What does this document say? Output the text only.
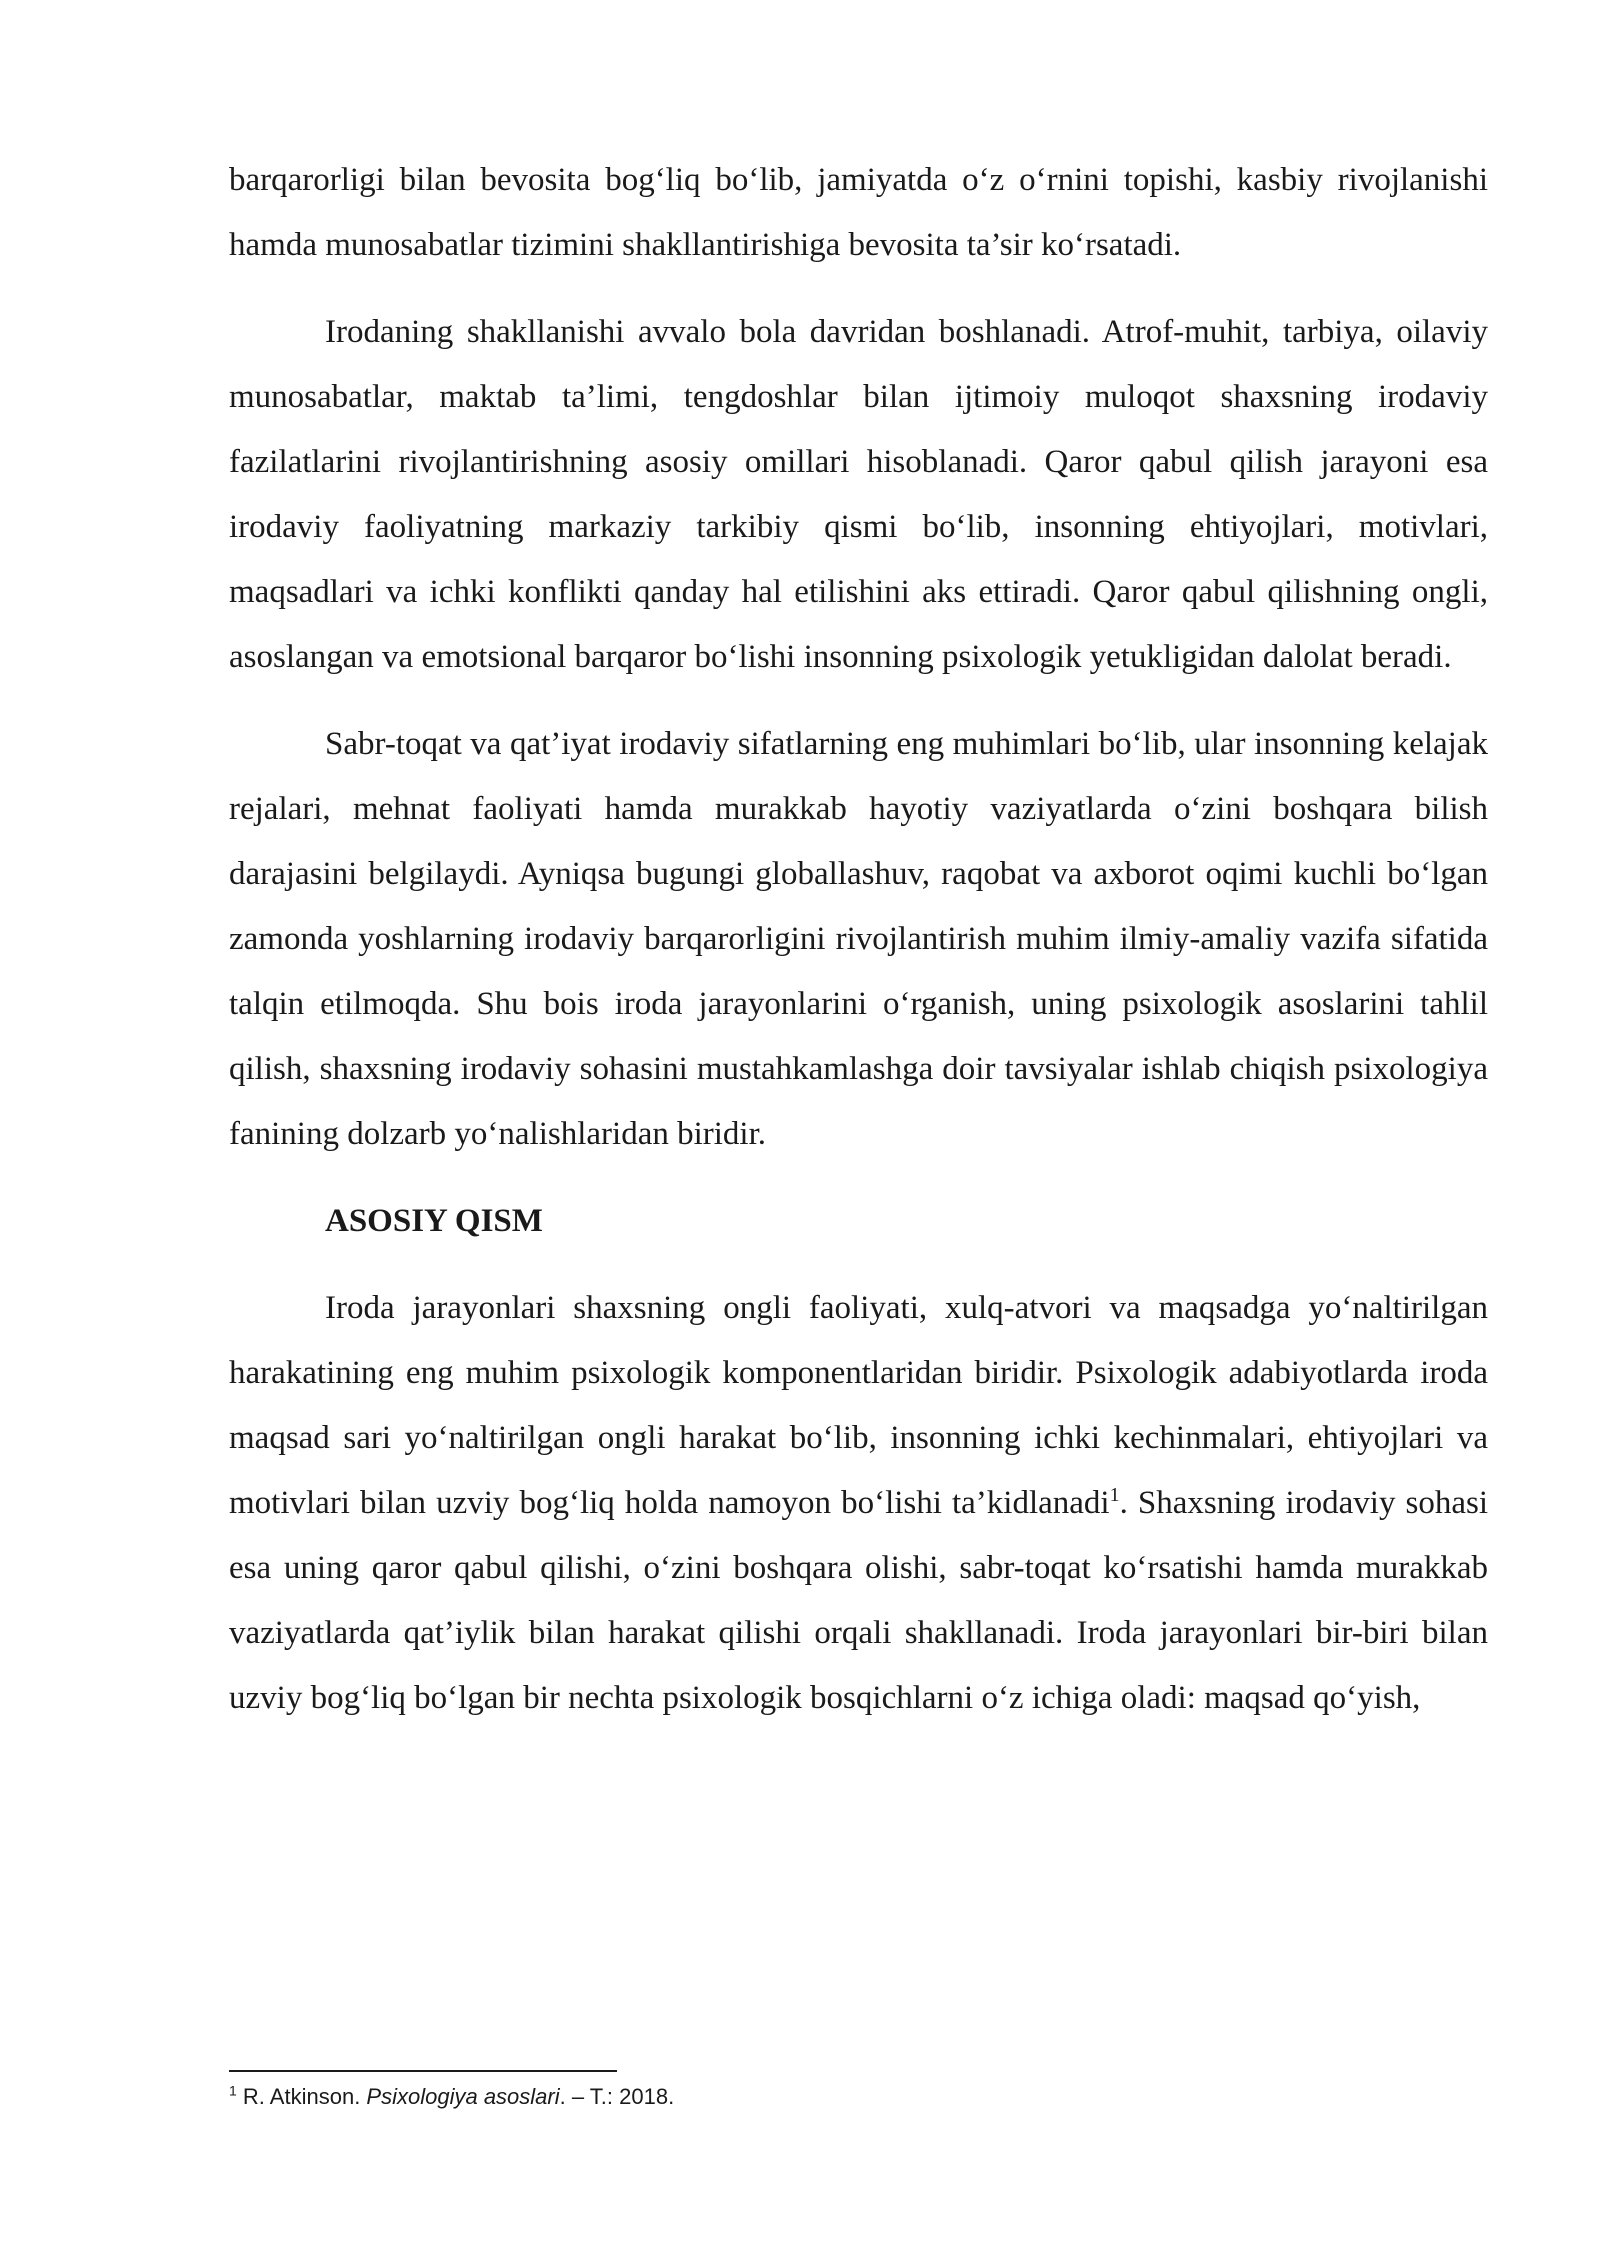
barqarorligi bilan bevosita bog‘liq bo‘lib, jamiyatda o‘z o‘rnini topishi, kasbiy rivojlanishi hamda munosabatlar tizimini shakllantirishiga bevosita ta’sir ko‘rsatadi.

Irodaning shakllanishi avvalo bola davridan boshlanadi. Atrof-muhit, tarbiya, oilaviy munosabatlar, maktab ta’limi, tengdoshlar bilan ijtimoiy muloqot shaxsning irodaviy fazilatlarini rivojlantirishning asosiy omillari hisoblanadi. Qaror qabul qilish jarayoni esa irodaviy faoliyatning markaziy tarkibiy qismi bo‘lib, insonning ehtiyojlari, motivlari, maqsadlari va ichki konflikti qanday hal etilishini aks ettiradi. Qaror qabul qilishning ongli, asoslangan va emotsional barqaror bo‘lishi insonning psixologik yetukligidan dalolat beradi.

Sabr-toqat va qat’iyat irodaviy sifatlarning eng muhimlari bo‘lib, ular insonning kelajak rejalari, mehnat faoliyati hamda murakkab hayotiy vaziyatlarda o‘zini boshqara bilish darajasini belgilaydi. Ayniqsa bugungi globallashuv, raqobat va axborot oqimi kuchli bo‘lgan zamonda yoshlarning irodaviy barqarorligini rivojlantirish muhim ilmiy-amaliy vazifa sifatida talqin etilmoqda. Shu bois iroda jarayonlarini o‘rganish, uning psixologik asoslarini tahlil qilish, shaxsning irodaviy sohasini mustahkamlashga doir tavsiyalar ishlab chiqish psixologiya fanining dolzarb yo‘nalishlaridan biridir.

ASOSIY QISM

Iroda jarayonlari shaxsning ongli faoliyati, xulq-atvori va maqsadga yo‘naltirilgan harakatining eng muhim psixologik komponentlaridan biridir. Psixologik adabiyotlarda iroda maqsad sari yo‘naltirilgan ongli harakat bo‘lib, insonning ichki kechinmalari, ehtiyojlari va motivlari bilan uzviy bog‘liq holda namoyon bo‘lishi ta’kidlanadi$^1$. Shaxsning irodaviy sohasi esa uning qaror qabul qilishi, o‘zini boshqara olishi, sabr-toqat ko‘rsatishi hamda murakkab vaziyatlarda qat’iylik bilan harakat qilishi orqali shakllanadi. Iroda jarayonlari bir-biri bilan uzviy bog‘liq bo‘lgan bir nechta psixologik bosqichlarni o‘z ichiga oladi: maqsad qo‘yish,

$^1$ R. Atkinson. Psixologiya asoslari. – T.: 2018.
